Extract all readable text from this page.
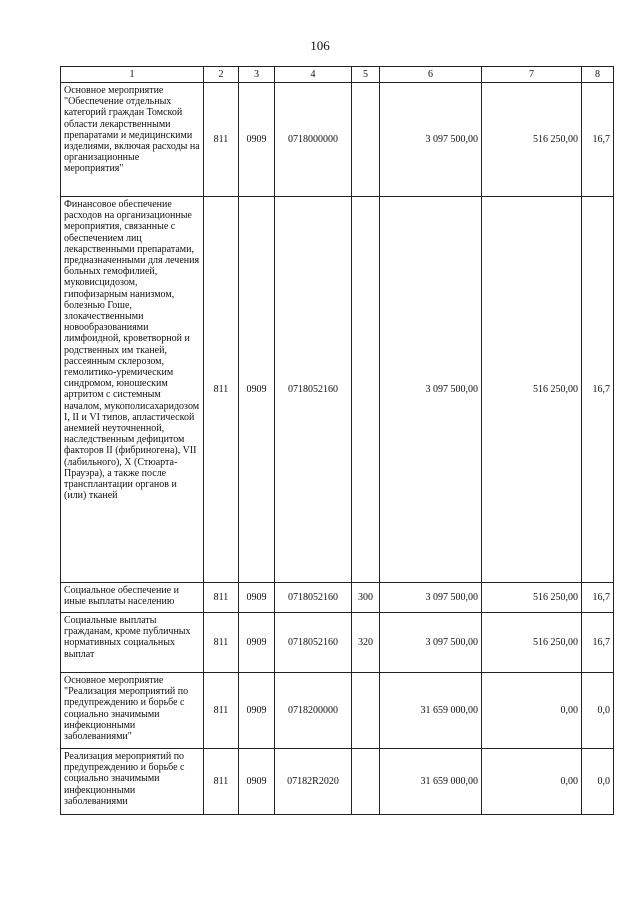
106
1	2	3	4	5	6	7	8
Основное мероприятие "Обеспечение отдельных категорий граждан Томской области лекарственными препаратами и медицинскими изделиями, включая расходы на организационные мероприятия"	811	0909	0718000000		3 097 500,00	516 250,00	16,7
Финансовое обеспечение расходов на организационные мероприятия, связанные с обеспечением лиц лекарственными препаратами, предназначенными для лечения больных гемофилией, муковисцидозом, гипофизарным нанизмом, болезнью Гоше, злокачественными новообразованиями лимфоидной, кроветворной и родственных им тканей, рассеянным склерозом, гемолитико-уремическим синдромом, юношеским артритом с системным началом, мукополисахаридозом I, II и VI типов, апластической анемией неуточненной, наследственным дефицитом факторов II (фибриногена), VII (лабильного), X (Стюарта-Прауэра), а также после трансплантации органов и (или) тканей	811	0909	0718052160		3 097 500,00	516 250,00	16,7
Социальное обеспечение и иные выплаты населению	811	0909	0718052160	300	3 097 500,00	516 250,00	16,7
Социальные выплаты гражданам, кроме публичных нормативных социальных выплат	811	0909	0718052160	320	3 097 500,00	516 250,00	16,7
Основное мероприятие "Реализация мероприятий по предупреждению и борьбе с социально значимыми инфекционными заболеваниями"	811	0909	0718200000		31 659 000,00	0,00	0,0
Реализация мероприятий по предупреждению и борьбе с социально значимыми инфекционными заболеваниями	811	0909	07182R2020		31 659 000,00	0,00	0,0
